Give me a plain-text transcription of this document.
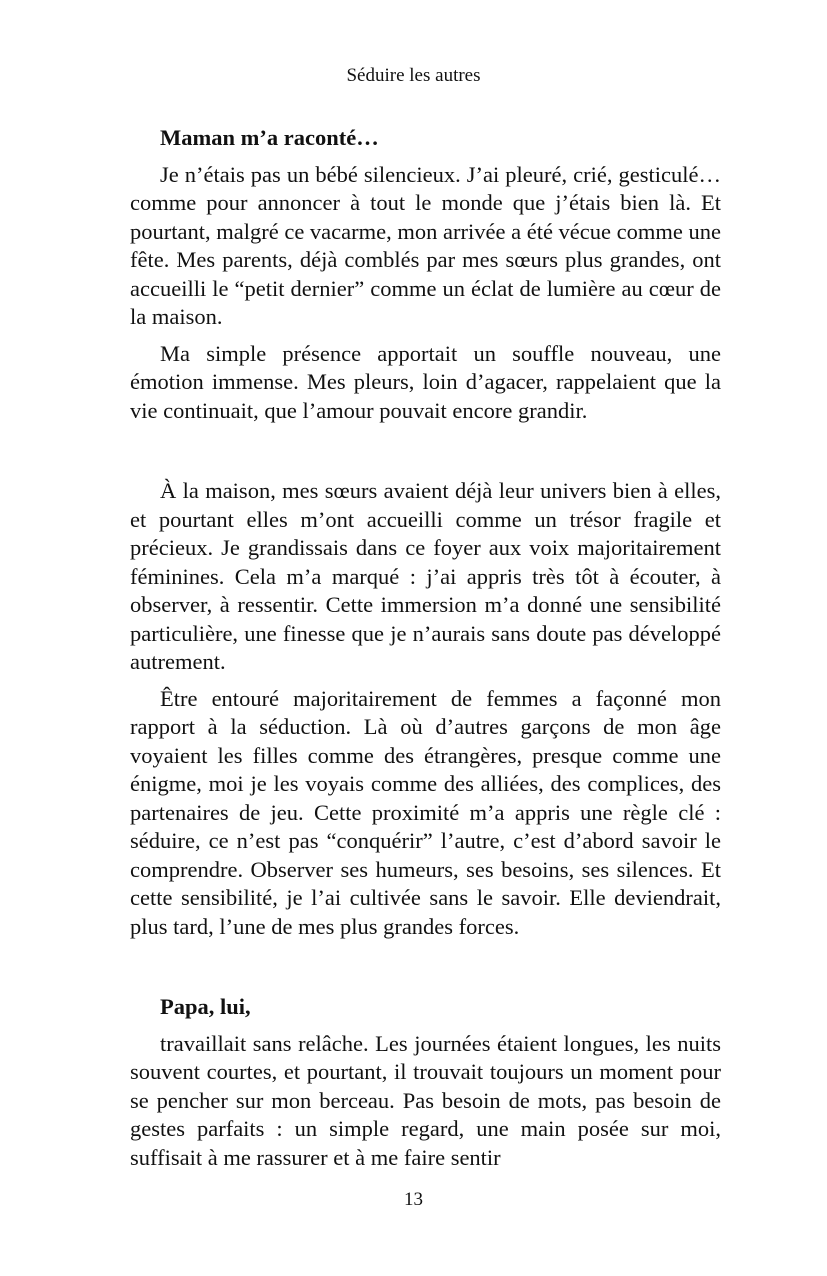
Séduire les autres
Maman m’a raconté…

Je n’étais pas un bébé silencieux. J’ai pleuré, crié, gesticulé… comme pour annoncer à tout le monde que j’étais bien là. Et pourtant, malgré ce vacarme, mon arrivée a été vécue comme une fête. Mes parents, déjà comblés par mes sœurs plus grandes, ont accueilli le “petit dernier” comme un éclat de lumière au cœur de la maison.

Ma simple présence apportait un souffle nouveau, une émotion immense. Mes pleurs, loin d’agacer, rappelaient que la vie continuait, que l’amour pouvait encore grandir.

À la maison, mes sœurs avaient déjà leur univers bien à elles, et pourtant elles m’ont accueilli comme un trésor fragile et précieux. Je grandissais dans ce foyer aux voix majoritairement féminines. Cela m’a marqué : j’ai appris très tôt à écouter, à observer, à ressentir. Cette immersion m’a donné une sensibilité particulière, une finesse que je n’aurais sans doute pas développé autrement.

Être entouré majoritairement de femmes a façonné mon rapport à la séduction. Là où d’autres garçons de mon âge voyaient les filles comme des étrangères, presque comme une énigme, moi je les voyais comme des alliées, des complices, des partenaires de jeu. Cette proximité m’a appris une règle clé : séduire, ce n’est pas “conquérir” l’autre, c’est d’abord savoir le comprendre. Observer ses humeurs, ses besoins, ses silences. Et cette sensibilité, je l’ai cultivée sans le savoir. Elle deviendrait, plus tard, l’une de mes plus grandes forces.

Papa, lui,

travaillait sans relâche. Les journées étaient longues, les nuits souvent courtes, et pourtant, il trouvait toujours un moment pour se pencher sur mon berceau. Pas besoin de mots, pas besoin de gestes parfaits : un simple regard, une main posée sur moi, suffisait à me rassurer et à me faire sentir

13
